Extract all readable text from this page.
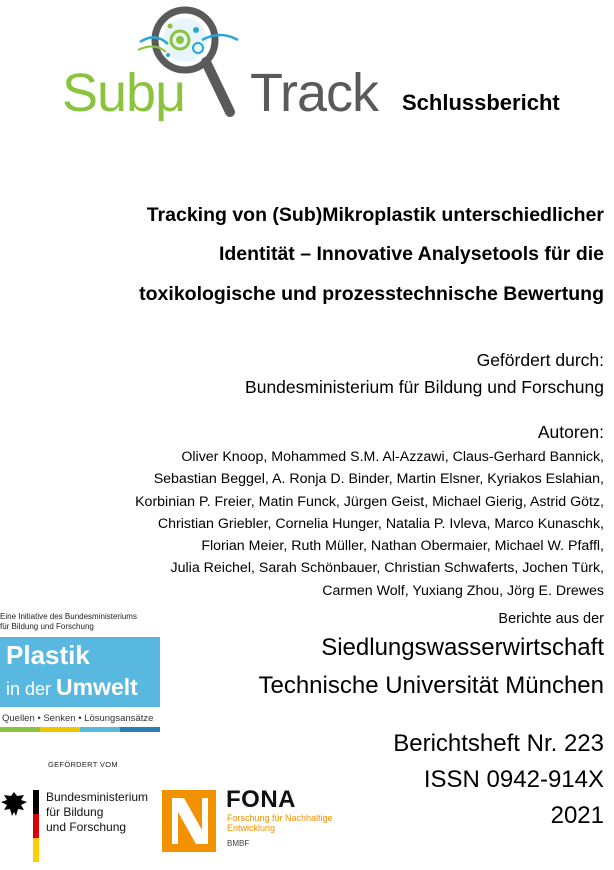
Subμ Track Schlussbericht
Tracking von (Sub)Mikroplastik unterschiedlicher
Identität – Innovative Analysetools für die
toxikologische und prozesstechnische Bewertung
Gefördert durch:
Bundesministerium für Bildung und Forschung
Autoren:
Oliver Knoop, Mohammed S.M. Al-Azzawi, Claus-Gerhard Bannick,
Sebastian Beggel, A. Ronja D. Binder, Martin Elsner, Kyriakos Eslahian,
Korbinian P. Freier, Matin Funck, Jürgen Geist, Michael Gierig, Astrid Götz,
Christian Griebler, Cornelia Hunger, Natalia P. Ivleva, Marco Kunaschk,
Florian Meier, Ruth Müller, Nathan Obermaier, Michael W. Pfaffl,
Julia Reichel, Sarah Schönbauer, Christian Schwaferts, Jochen Türk,
Carmen Wolf, Yuxiang Zhou, Jörg E. Drewes
Berichte aus der
Siedlungswasserwirtschaft
Technische Universität München
Berichtsheft Nr. 223
ISSN 0942-914X
2021
Eine Initiative des Bundesministeriums
für Bildung und Forschung
Plastik
in der Umwelt
Quellen • Senken • Lösungsansätze
GEFÖRDERT VOM
Bundesministerium
für Bildung
und Forschung
FONA
Forschung für Nachhaltige
Entwicklung
BMBF
